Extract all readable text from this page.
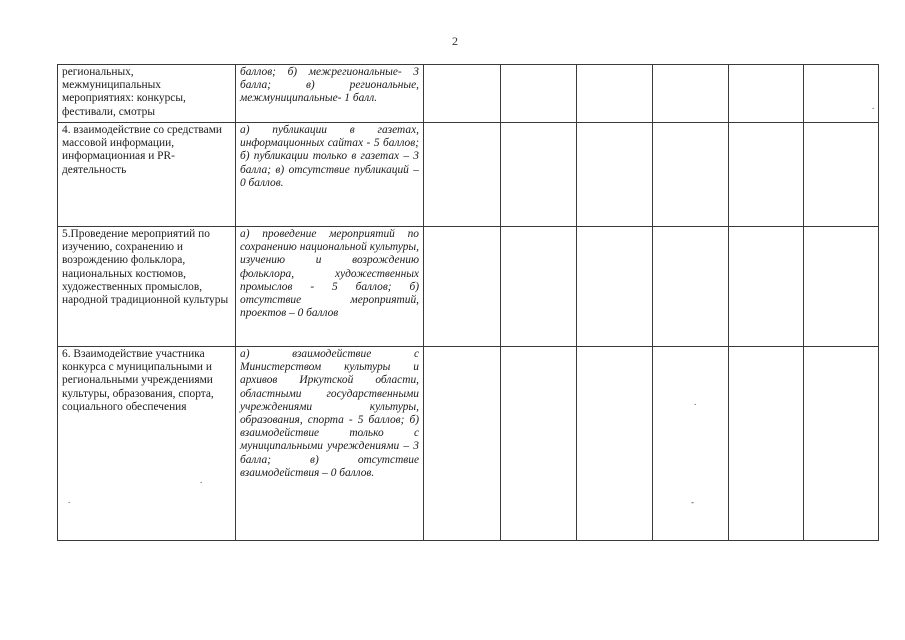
2
региональных, межмуниципальных мероприятиях: конкурсы, фестивали, смотры	баллов; б) межрегиональные- 3 балла; в) региональные, межмуниципальные- 1 балл.						
4. взаимодействие со средствами массовой информации, информациониая и PR-деятельность	а) публикации в газетах, информационных сайтах - 5 баллов; б) публикации только в газетах – 3 балла; в) отсутствие публикаций – 0 баллов.						
5.Проведение мероприятий по изучению, сохранению и возрождению фольклора, национальных костюмов, художественных промыслов, народной традиционной культуры	а) проведение мероприятий по сохранению национальной культуры, изучению и возрождению фольклора, художественных промыслов - 5 баллов; б) отсутствие мероприятий, проектов – 0 баллов						
6. Взаимодействие участника конкурса с муниципальными и региональными учреждениями культуры, образования, спорта, социального обеспечения	а) взаимодействие с Министерством культуры и архивов Иркутской области, областными государственными учреждениями культуры, образования, спорта - 5 баллов; б) взаимодействие только с муниципальными учреждениями – 3 балла; в) отсутствие взаимодействия – 0 баллов.						
.
.
.	-
.
